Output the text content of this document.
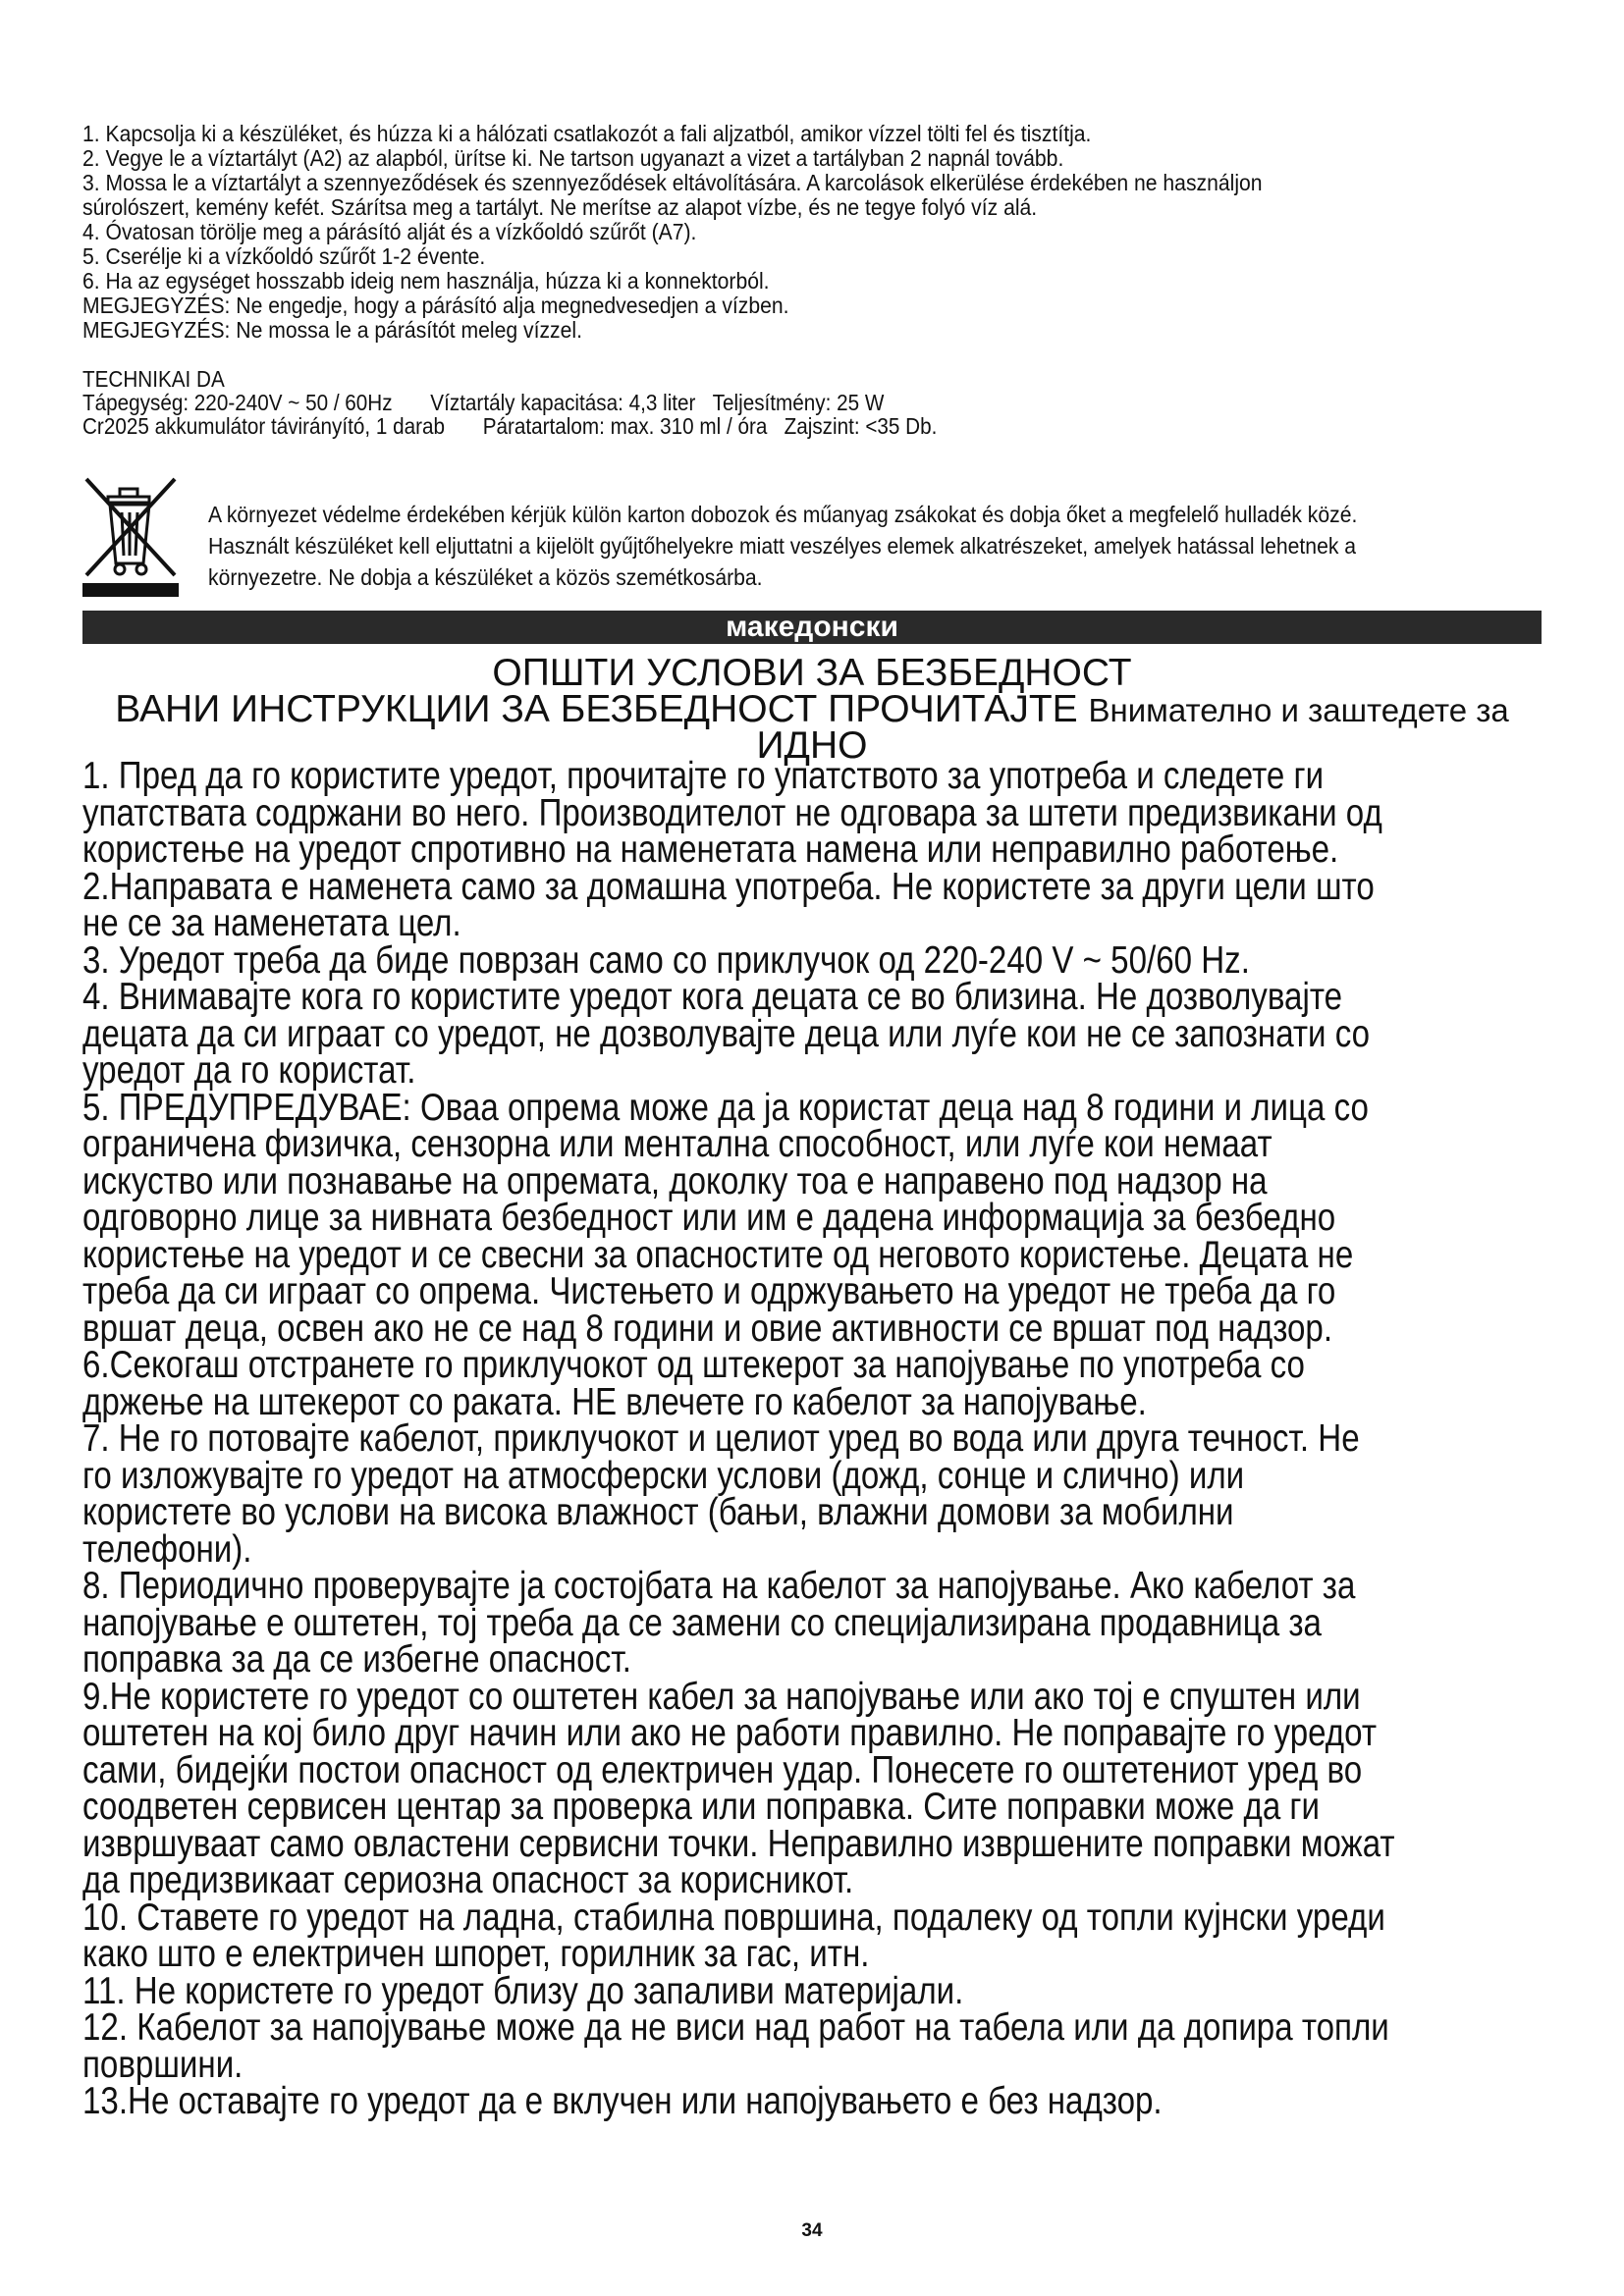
1. Kapcsolja ki a készüléket, és húzza ki a hálózati csatlakozót a fali aljzatból, amikor vízzel tölti fel és tisztítja.

2. Vegye le a víztartályt (A2) az alapból, ürítse ki. Ne tartson ugyanazt a vizet a tartályban 2 napnál tovább.

3. Mossa le a víztartályt a szennyeződések és szennyeződések eltávolítására. A karcolások elkerülése érdekében ne használjon

súrolószert, kemény kefét. Szárítsa meg a tartályt. Ne merítse az alapot vízbe, és ne tegye folyó víz alá.

4. Óvatosan törölje meg a párásító alját és a vízkőoldó szűrőt (A7).

5. Cserélje ki a vízkőoldó szűrőt 1-2 évente.

6. Ha az egységet hosszabb ideig nem használja, húzza ki a konnektorból.

MEGJEGYZÉS: Ne engedje, hogy a párásító alja megnedvesedjen a vízben.

MEGJEGYZÉS: Ne mossa le a párásítót meleg vízzel.

TECHNIKAI DA

Tápegység: 220-240V ~ 50 / 60Hz Víztartály kapacitása: 4,3 liter Teljesítmény: 25 W

Cr2025 akkumulátor távirányító, 1 darab Páratartalom: max. 310 ml / óra Zajszint: <35 Db.

A környezet védelme érdekében kérjük külön karton dobozok és műanyag zsákokat és dobja őket a megfelelő hulladék közé.

Használt készüléket kell eljuttatni a kijelölt gyűjtőhelyekre miatt veszélyes elemek alkatrészeket, amelyek hatással lehetnek a

környezetre. Ne dobja a készüléket a közös szemétkosárba.

македонски
ОПШТИ УСЛОВИ ЗА БЕЗБЕДНОСТ
ВАНИ ИНСТРУКЦИИ ЗА БЕЗБЕДНОСТ ПРОЧИТАЈТЕ Внимателно и заштедете за
ИДНО

1. Пред да го користите уредот, прочитајте го упатството за употреба и следете ги

упатствата содржани во него. Производителот не одговара за штети предизвикани од

користење на уредот спротивно на наменетата намена или неправилно работење.

2.Направата е наменета само за домашна употреба. Не користете за други цели што

не се за наменетата цел.

3. Уредот треба да биде поврзан само со приклучок од 220-240 V ~ 50/60 Hz.

4. Внимавајте кога го користите уредот кога децата се во близина. Не дозволувајте

децата да си играат со уредот, не дозволувајте деца или луѓе кои не се запознати со

уредот да го користат.

5. ПРЕДУПРЕДУВАЕ: Оваа опрема може да ја користат деца над 8 години и лица со

ограничена физичка, сензорна или ментална способност, или луѓе кои немаат

искуство или познавање на опремата, доколку тоа е направено под надзор на

одговорно лице за нивната безбедност или им е дадена информација за безбедно

користење на уредот и се свесни за опасностите од неговото користење. Децата не

треба да си играат со опрема. Чистењето и одржувањето на уредот не треба да го

вршат деца, освен ако не се над 8 години и овие активности се вршат под надзор.

6.Секогаш отстранете го приклучокот од штекерот за напојување по употреба со

држење на штекерот со раката. НЕ влечете го кабелот за напојување.

7. Не го потовајте кабелот, приклучокот и целиот уред во вода или друга течност. Не

го изложувајте го уредот на атмосферски услови (дожд, сонце и слично) или

користете во услови на висока влажност (бањи, влажни домови за мобилни

телефони).

8. Периодично проверувајте ја состојбата на кабелот за напојување. Ако кабелот за

напојување е оштетен, тој треба да се замени со специјализирана продавница за

поправка за да се избегне опасност.

9.Не користете го уредот со оштетен кабел за напојување или ако тој е спуштен или

оштетен на кој било друг начин или ако не работи правилно. Не поправајте го уредот

сами, бидејќи постои опасност од електричен удар. Понесете го оштетениот уред во

соодветен сервисен центар за проверка или поправка. Сите поправки може да ги

извршуваат само овластени сервисни точки. Неправилно извршените поправки можат

да предизвикаат сериозна опасност за корисникот.

10. Ставете го уредот на ладна, стабилна површина, подалеку од топли кујнски уреди

како што е електричен шпорет, горилник за гас, итн.

11. Не користете го уредот близу до запаливи материјали.

12. Кабелот за напојување може да не виси над работ на табела или да допира топли

површини.

13.Не оставајте го уредот да е вклучен или напојувањето е без надзор.

34
